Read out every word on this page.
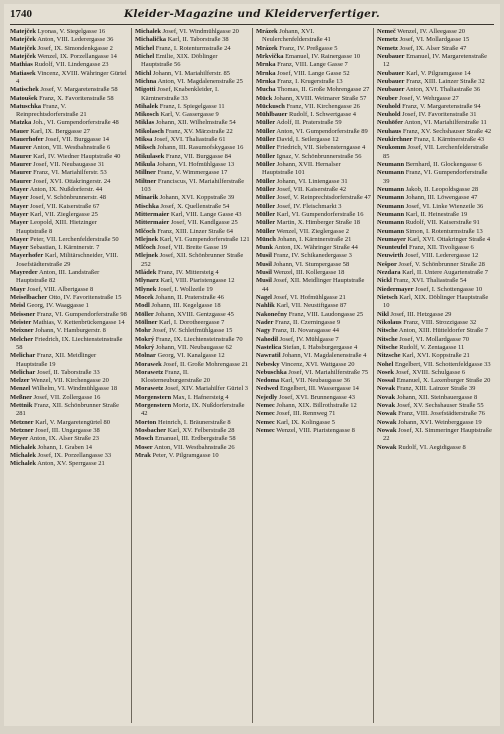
1740	Kleider-Magazine und Kleiderverfertiger.
Matejček Lyonas, V. Siegelgasse 16
Matejček Anton, VIII. Lederergasse 36
Matejček Josef, IX. Simondenkgasse 2
Matejček Wenzel, IX. Porzellangasse 14
Mathias Rudolf, VII. Lindengasse 23
Matiasek Vincenz, XVIII. Währinger Gürtel 4
Matischek Josef, V. Margaretenstraße 58
Matoušek Franz, X. Favoritenstraße 58
Matuschka Franz, V. Reinprechtsdorferstraße 21
Matzka Joh., VI. Gumpendorferstraße 48
Mauer Karl, IX. Berggasse 27
Mauerhofer Josef, VII. Burggasse 14
Maurer Anton, VII. Westbahnstraße 6
Maurer Karl, IV. Wiedner Hauptstraße 40
Maurer Josef, VII. Neubaugasse 31
Maurer Franz, VI. Mariahilferstr. 53
Maurer Josef, XVI. Ottakringerstr. 24
Mayer Anton, IX. Nußdorferstr. 44
Mayer Josef, V. Schönbrunnerstr. 48
Mayer Josef, VII. Kaiserstraße 67
Mayer Karl, VII. Zieglergasse 25
Mayer Leopold, XIII. Hietzinger Hauptstraße 8
Mayer Peter, VII. Lerchenfelderstraße 50
Mayer Sebastian, I. Kärntnerstr. 7
Mayerhofer Karl, Militärschneider, VIII. Josefstädterstraße 29
Mayreder Anton, III. Landstraßer Hauptstraße 82
Mayr Josef, VIII. Albertgasse 8
Meiselbacher Otto, IV. Favoritenstraße 15
Meisl Georg, IV. Waaggasse 1
Meissner Franz, VI. Gumpendorferstraße 98
Meister Mathias, V. Kettenbrückengasse 14
Meixner Johann, V. Hamburgerstr. 8
Melcher Friedrich, IX. Liechtensteinstraße 58
Melichar Franz, XII. Meidlinger Hauptstraße 19
Melichar Josef, II. Taborstraße 33
Melzer Wenzel, VII. Kirchengasse 20
Menzel Wilhelm, VI. Windmühlgasse 18
Meßner Josef, VII. Zollergasse 16
Mettnik Franz, XII. Schönbrunner Straße 281
Metzner Karl, V. Margaretengürtel 80
Metzner Josef, III. Ungargasse 38
Meyer Anton, IX. Alser Straße 23
Michalek Johann, I. Graben 14
Michalek Josef, IX. Porzellangasse 33
Michalek Anton, XV. Sperrgasse 21
Michalek Josef, VI. Windmühlgasse 20
Michalička Karl, II. Taborstraße 38
Michel Franz, I. Rotenturmstraße 24
Michel Emilie, XIX. Döblinger Hauptstraße 56
Michl Johann, VI. Mariahilferstr. 85
Michna Anton, VI. Magdalenenstraße 25
Migotti Josef, Knabenkleider, I. Kärntnerstraße 33
Mihalek Franz, I. Spiegelgasse 11
Mikosch Karl, V. Gassergasse 9
Miklas Johann, XII. Wilhelmstraße 54
Mikolasch Franz, XV. Märzstraße 22
Miksa Josef, XVI. Thaliastraße 61
Miksch Johann, III. Rasumofskygasse 16
Mikulasek Franz, VII. Burggasse 84
Mikula Johann, VI. Hofmühlgasse 13
Millner Franz, V. Wimmergasse 17
Miltner Franciscus, VI. Mariahilferstraße 103
Minarik Johann, XVI. Koppstraße 39
Mischka Josef, X. Quellenstraße 54
Mittermaier Karl, VIII. Lange Gasse 43
Mittermaier Josef, VII. Kandlgasse 25
Mlčoch Franz, XIII. Linzer Straße 64
Mlejnek Karl, VI. Gumpendorferstraße 121
Mlčoch Josef, VII. Breite Gasse 19
Mlejnek Josef, XII. Schönbrunner Straße 252
Mládek Franz, IV. Mittersteig 4
Mlynarz Karl, VIII. Piaristengasse 12
Mlynek Josef, I. Wollzeile 19
Mocek Johann, II. Praterstraße 46
Modl Johann, III. Kegelgasse 18
Möller Johann, XVIII. Gentzgasse 45
Möllner Karl, I. Dorotheergasse 7
Mohr Josef, IV. Schleifmühlgasse 15
Mokrý Franz, IX. Liechtensteinstraße 70
Mokrý Johann, VII. Neubaugasse 62
Molnar Georg, VI. Kanalgasse 12
Morawek Josef, II. Große Mohrengasse 21
Morawetz Franz, II. Klosterneuburgerstraße 20
Morawetz Josef, XIV. Mariahilfer Gürtel 3
Morgenstern Max, I. Hafnersteig 4
Morgenstern Moriz, IX. Nußdorferstraße 42
Morton Heinrich, I. Bräunerstraße 8
Mosbacher Karl, XV. Felberstraße 28
Mosch Emanuel, III. Erdbergstraße 58
Moser Anton, VII. Westbahnstraße 26
Mrak Peter, V. Pilgramgasse 10
Mrázek Johann, XVI. Neulerchenfelderstraße 41
Mrázek Franz, IV. Preßgasse 5
Mrkvička Emanuel, IV. Rainergasse 10
Mrnka Franz, VIII. Lange Gasse 7
Mrnka Josef, VIII. Lange Gasse 52
Mrnka Franz, I. Krugerstraße 13
Mucha Thomas, II. Große Mohrengasse 27
Mück Johann, XVIII. Weimarer Straße 57
Mückusch Franz, VII. Kirchengasse 26
Mühlbauer Rudolf, I. Schwertgasse 4
Müller Adolf, II. Praterstraße 59
Müller Anton, VI. Gumpendorferstraße 89
Müller David, I. Seilergasse 12
Müller Friedrich, VII. Siebensterngasse 4
Müller Ignaz, V. Schönbrunnerstraße 56
Müller Johann, XVII. Hernalser Hauptstraße 101
Müller Johann, VI. Liniengasse 31
Müller Josef, VII. Kaiserstraße 42
Müller Josef, V. Reinprechtsdorferstraße 47
Müller Josef, IV. Fleischmarkt 3
Müller Karl, VI. Gumpendorferstraße 16
Müller Martin, X. Himberger Straße 18
Müller Wenzel, VII. Zieglergasse 2
Münch Johann, I. Kärntnerstraße 21
Munk Anton, IX. Währinger Straße 44
Musil Franz, IV. Schikanedergasse 3
Musil Johann, VI. Stumpergasse 58
Musil Wenzel, III. Kollergasse 18
Musil Josef, XII. Meidlinger Hauptstraße 44
Nagel Josef, VI. Hofmühlgasse 21
Nahlik Karl, VII. Neustiftgasse 87
Nakonečny Franz, VIII. Laudongasse 25
Nader Franz, II. Czerningasse 9
Nagy Franz, II. Novaragasse 44
Nahodil Josef, IV. Mühlgasse 7
Nastelica Stefan, I. Habsburgergasse 4
Nawratil Johann, VI. Magdalenenstraße 4
Nebesky Vincenz, XVI. Wattgasse 20
Nebuschka Josef, VI. Mariahilferstraße 75
Nedoma Karl, VII. Neubaugasse 36
Nedwed Engelbert, III. Wassergasse 14
Nejedly Josef, XVI. Brunnengasse 43
Nemec Johann, XIX. Billrothstraße 12
Nemec Josef, III. Rennweg 71
Nemec Karl, IX. Kolingasse 5
Nemec Wenzel, VIII. Piaristengasse 8
Nemeč Wenzel, IV. Alleegasse 20
Nemetz Josef, VI. Mollardgasse 15
Nemetz Josef, IX. Alser Straße 47
Neubauer Emanuel, IV. Margaretenstraße 12
Neubauer Karl, V. Pilgramgasse 14
Neubauer Franz, XIII. Lainzer Straße 32
Neubauer Anton, XVI. Thaliastraße 36
Neuber Josef, V. Wehrgasse 27
Neuhold Franz, V. Margaretenstraße 94
Neuhold Josef, IV. Favoritenstraße 31
Neuhöfer Anton, VI. Mariahilferstraße 11
Neuhaus Franz, XV. Sechshauser Straße 42
Neukirchner Franz, I. Kärntnerstraße 43
Neukomm Josef, VII. Lerchenfelderstraße 85
Neumann Bernhard, II. Glockengasse 6
Neumann Franz, VI. Gumpendorferstraße 39
Neumann Jakob, II. Leopoldsgasse 28
Neumann Johann, III. Löwengasse 47
Neumann Josef, VI. Linke Wienzeile 36
Neumann Karl, II. Heinestraße 19
Neumann Rudolf, VII. Kaiserstraße 91
Neumann Simon, I. Rotenturmstraße 13
Neumayer Karl, XVI. Ottakringer Straße 4
Neunteufel Franz, XII. Tivoligasse 6
Neuwirth Josef, VIII. Lederergasse 12
Nešpor Josef, V. Schönbrunner Straße 28
Nezdara Karl, II. Untere Augartenstraße 7
Nickl Franz, XVI. Thaliastraße 54
Niedermayer Josef, I. Schottengasse 10
Nietsch Karl, XIX. Döblinger Hauptstraße 10
Nikl Josef, III. Hetzgasse 29
Nikolaus Franz, VIII. Strozzigasse 32
Nitsche Anton, XIII. Hütteldorfer Straße 7
Nitsche Josef, VI. Mollardgasse 70
Nitsche Rudolf, V. Zentagasse 11
Nitzsche Karl, XVI. Koppstraße 21
Nohel Engelbert, VII. Schottenfeldgasse 33
Nosek Josef, XVIII. Schulgasse 6
Nossal Emanuel, X. Laxenburger Straße 20
Novak Franz, XIII. Lainzer Straße 39
Novak Johann, XII. Steinbauergasse 8
Novak Josef, XV. Sechshauser Straße 55
Nowak Franz, VIII. Josefstädterstraße 76
Nowak Johann, XVI. Weinberggasse 19
Nowak Josef, XI. Simmeringer Hauptstraße 22
Nowak Rudolf, VI. Aegidigasse 8
